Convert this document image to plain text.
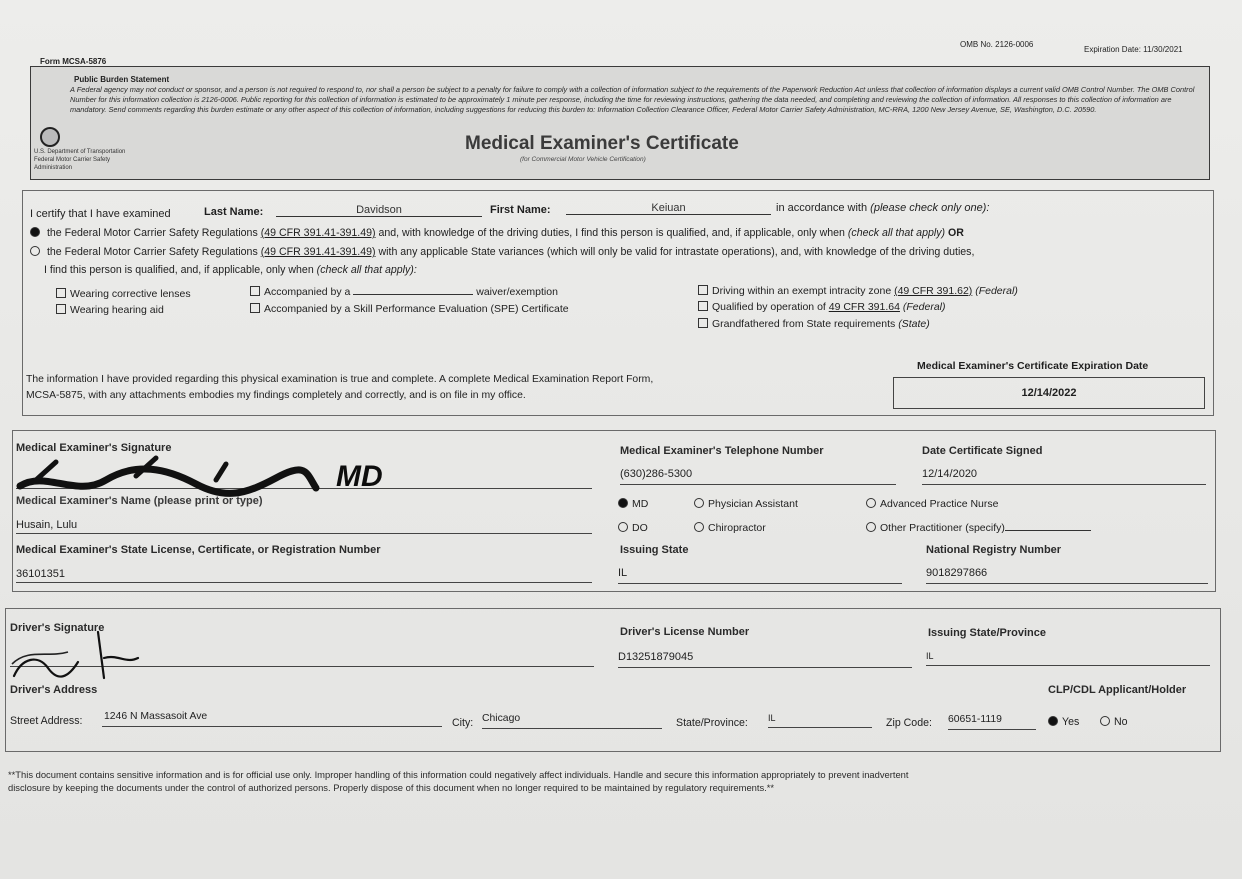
Form MCSA-5876
OMB No. 2126-0006
Expiration Date: 11/30/2021
Public Burden Statement
A Federal agency may not conduct or sponsor, and a person is not required to respond to, nor shall a person be subject to a penalty for failure to comply with a collection of information subject to the requirements of the Paperwork Reduction Act unless that collection of information displays a current valid OMB Control Number. The OMB Control Number for this information collection is 2126-0006. Public reporting for this collection of information is estimated to be approximately 1 minute per response, including the time for reviewing instructions, gathering the data needed, and completing and reviewing the collection of information. All responses to this collection of information are mandatory. Send comments regarding this burden estimate or any other aspect of this collection of information, including suggestions for reducing this burden to: Information Collection Clearance Officer, Federal Motor Carrier Safety Administration, MC-RRA, 1200 New Jersey Avenue, SE, Washington, D.C. 20590.
U.S. Department of Transportation Federal Motor Carrier Safety Administration
Medical Examiner's Certificate
(for Commercial Motor Vehicle Certification)
I certify that I have examined	Last Name:	Davidson	First Name:	Keiuan	in accordance with (please check only one):
the Federal Motor Carrier Safety Regulations (49 CFR 391.41-391.49) and, with knowledge of the driving duties, I find this person is qualified, and, if applicable, only when (check all that apply) OR
the Federal Motor Carrier Safety Regulations (49 CFR 391.41-391.49) with any applicable State variances (which will only be valid for intrastate operations), and, with knowledge of the driving duties,
I find this person is qualified, and, if applicable, only when (check all that apply):
Wearing corrective lenses
Wearing hearing aid
Accompanied by a	waiver/exemption
Accompanied by a Skill Performance Evaluation (SPE) Certificate
Driving within an exempt intracity zone (49 CFR 391.62) (Federal)
Qualified by operation of 49 CFR 391.64 (Federal)
Grandfathered from State requirements (State)
The information I have provided regarding this physical examination is true and complete. A complete Medical Examination Report Form,
MCSA-5875, with any attachments embodies my findings completely and correctly, and is on file in my office.
Medical Examiner's Certificate Expiration Date
12/14/2022
Medical Examiner's Signature
MD
Medical Examiner's Name (please print or type)
Husain, Lulu
Medical Examiner's State License, Certificate, or Registration Number
36101351
Medical Examiner's Telephone Number
(630)286-5300
Date Certificate Signed
12/14/2020
MD	Physician Assistant	Advanced Practice Nurse
DO	Chiropractor	Other Practitioner (specify)
Issuing State
IL
National Registry Number
9018297866
Driver's Signature
Driver's Address
Driver's License Number
D13251879045
Issuing State/Province
IL
CLP/CDL Applicant/Holder
Street Address: 1246 N Massasoit Ave
City: Chicago	State/Province: IL	Zip Code: 60651-1119	Yes	No
**This document contains sensitive information and is for official use only. Improper handling of this information could negatively affect individuals. Handle and secure this information appropriately to prevent inadvertent
disclosure by keeping the documents under the control of authorized persons. Properly dispose of this document when no longer required to be maintained by regulatory requirements.**
